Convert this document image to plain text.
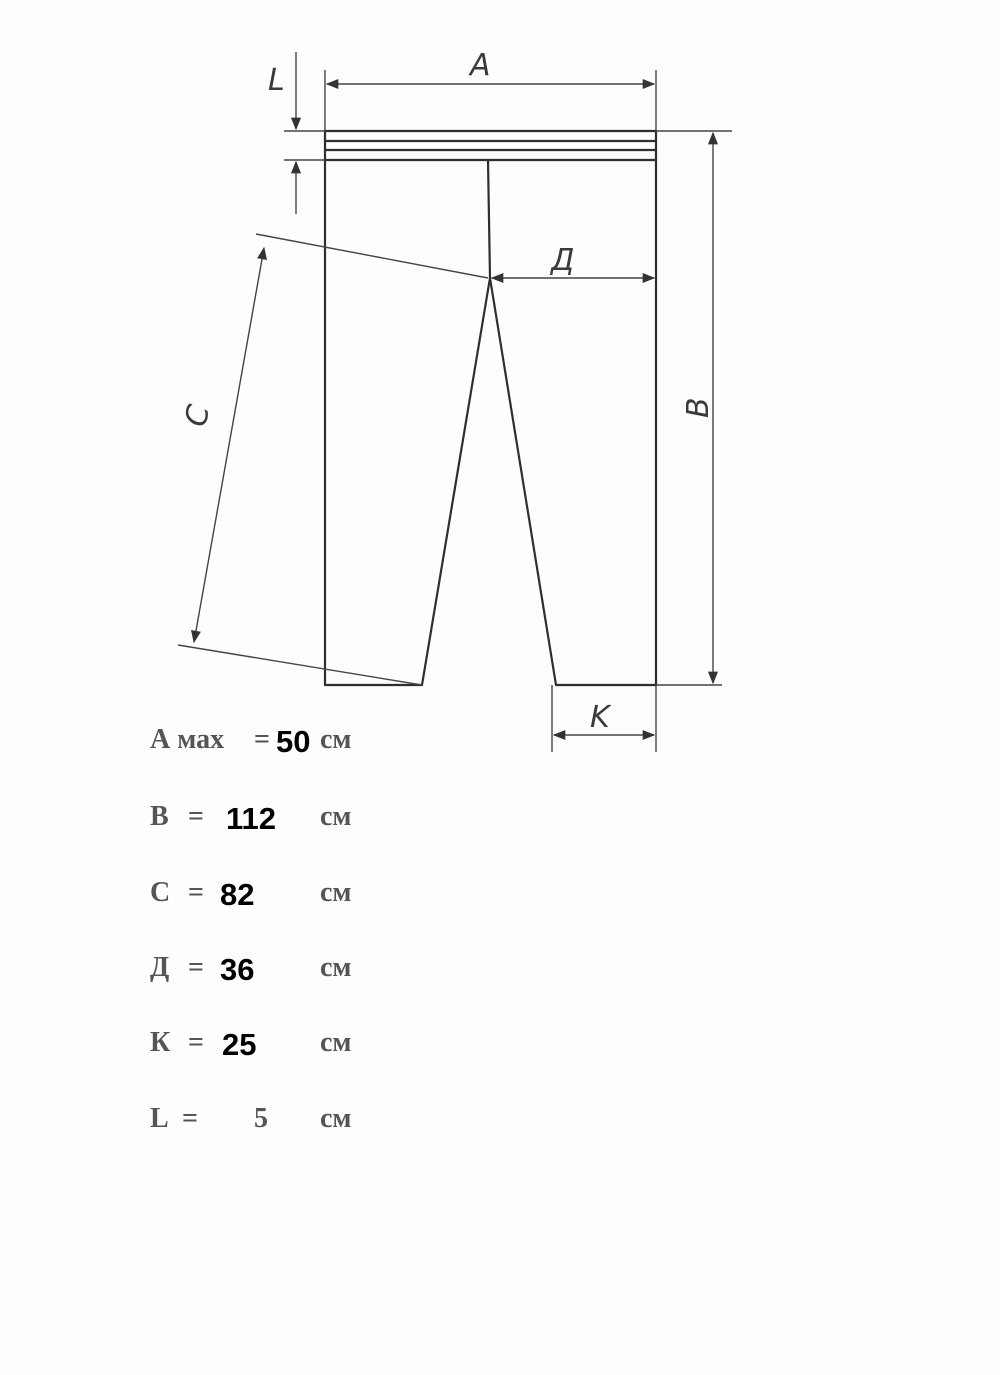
A
L
B
Д
C
K
А мах = 50 см
В = 112 см
С = 82 см
Д = 36 см
К = 25 см
L = 5 см
